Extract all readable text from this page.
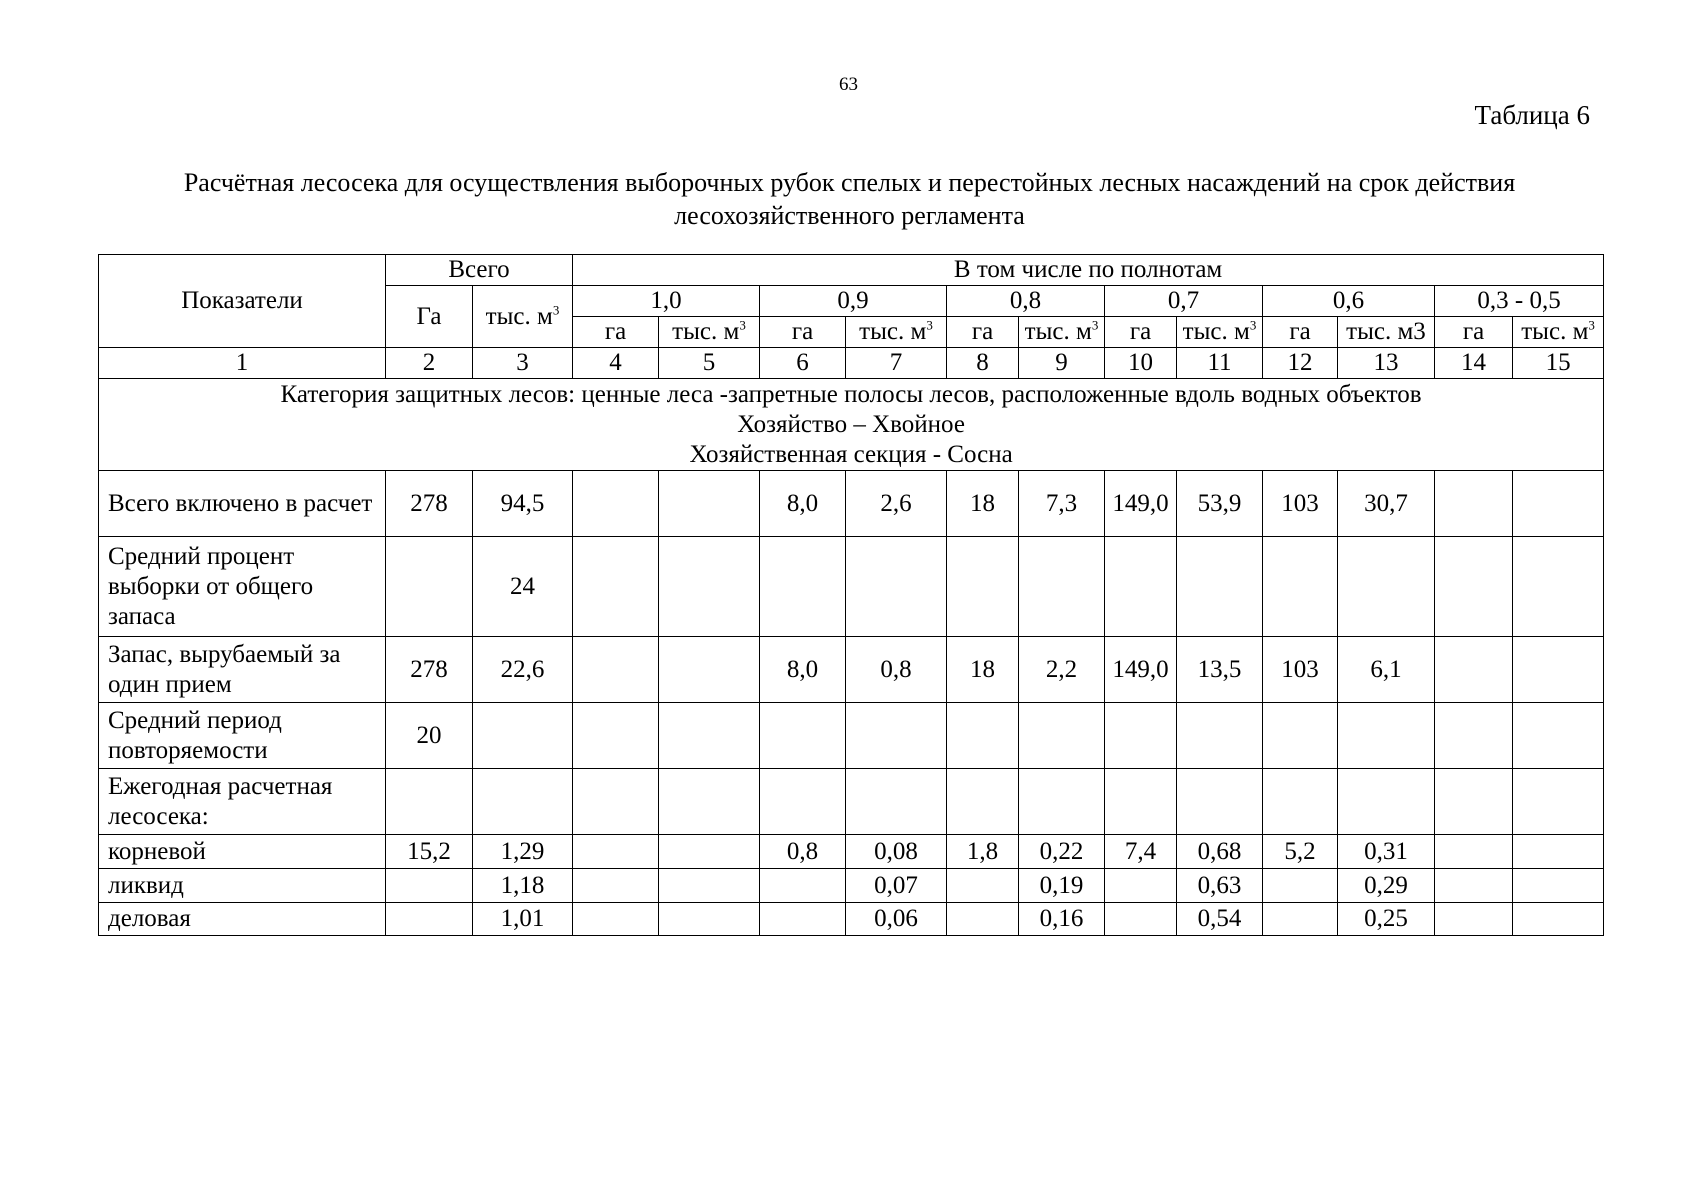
63
Таблица 6
Расчётная лесосека для осуществления выборочных рубок спелых и перестойных лесных насаждений на срок действия лесохозяйственного регламента
Показатели	Всего		В том числе по полнотам											
	Га	тыс. $м^3$	1,0		0,9		0,8		0,7		0,6		0,3 - 0,5	
			га	тыс. $м^3$	га	тыс. $м^3$	га	тыс. $м^3$	га	тыс. $м^3$	га	тыс. м3	га	тыс. $м^3$
1	2	3	4	5	6	7	8	9	10	11	12	13	14	15

Категория защитных лесов: ценные леса -запретные полосы лесов, расположенные вдоль водных объектов
Хозяйство – Хвойное
Хозяйственная секция - Сосна														

Всего включено в расчет	278	94,5			8,0	2,6	18	7,3	149,0	53,9	103	30,7		
Средний процент выборки от общего запаса		24												
Запас, вырубаемый за один прием	278	22,6			8,0	0,8	18	2,2	149,0	13,5	103	6,1		
Средний период повторяемости	20													
Ежегодная расчетная лесосека:														
корневой	15,2	1,29			0,8	0,08	1,8	0,22	7,4	0,68	5,2	0,31		
ликвид		1,18				0,07		0,19		0,63		0,29		
деловая		1,01				0,06		0,16		0,54		0,25		
